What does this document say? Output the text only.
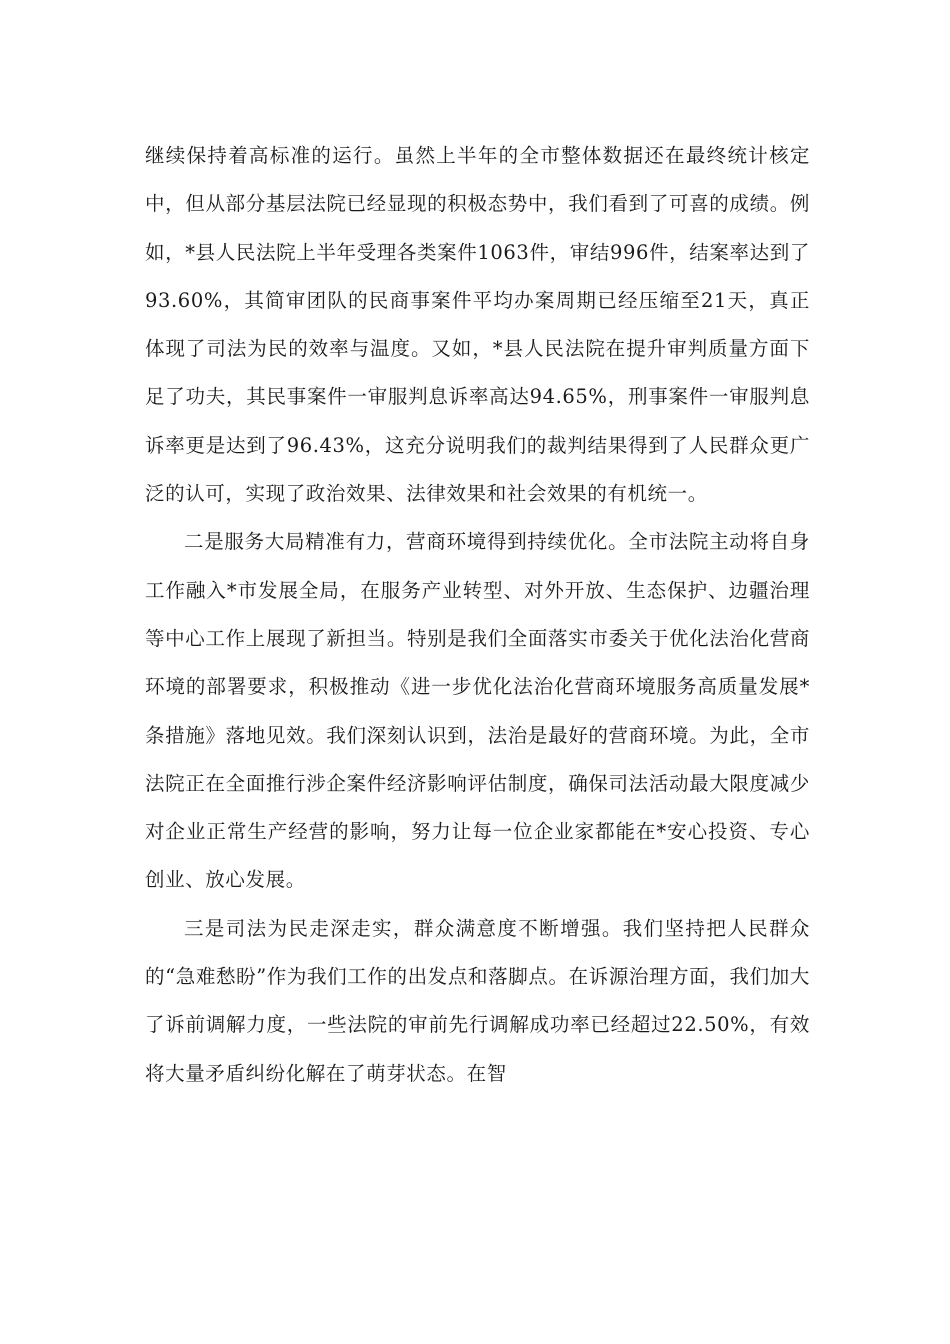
继续保持着高标准的运行。虽然上半年的全市整体数据还在最终统计核定中，但从部分基层法院已经显现的积极态势中，我们看到了可喜的成绩。例如，*县人民法院上半年受理各类案件1063件，审结996件，结案率达到了93.60%，其简审团队的民商事案件平均办案周期已经压缩至21天，真正体现了司法为民的效率与温度。又如，*县人民法院在提升审判质量方面下足了功夫，其民事案件一审服判息诉率高达94.65%，刑事案件一审服判息诉率更是达到了96.43%，这充分说明我们的裁判结果得到了人民群众更广泛的认可，实现了政治效果、法律效果和社会效果的有机统一。

二是服务大局精准有力，营商环境得到持续优化。全市法院主动将自身工作融入*市发展全局，在服务产业转型、对外开放、生态保护、边疆治理等中心工作上展现了新担当。特别是我们全面落实市委关于优化法治化营商环境的部署要求，积极推动《进一步优化法治化营商环境服务高质量发展*条措施》落地见效。我们深刻认识到，法治是最好的营商环境。为此，全市法院正在全面推行涉企案件经济影响评估制度，确保司法活动最大限度减少对企业正常生产经营的影响，努力让每一位企业家都能在*安心投资、专心创业、放心发展。

三是司法为民走深走实，群众满意度不断增强。我们坚持把人民群众的“急难愁盼”作为我们工作的出发点和落脚点。在诉源治理方面，我们加大了诉前调解力度，一些法院的审前先行调解成功率已经超过22.50%，有效将大量矛盾纠纷化解在了萌芽状态。在智
